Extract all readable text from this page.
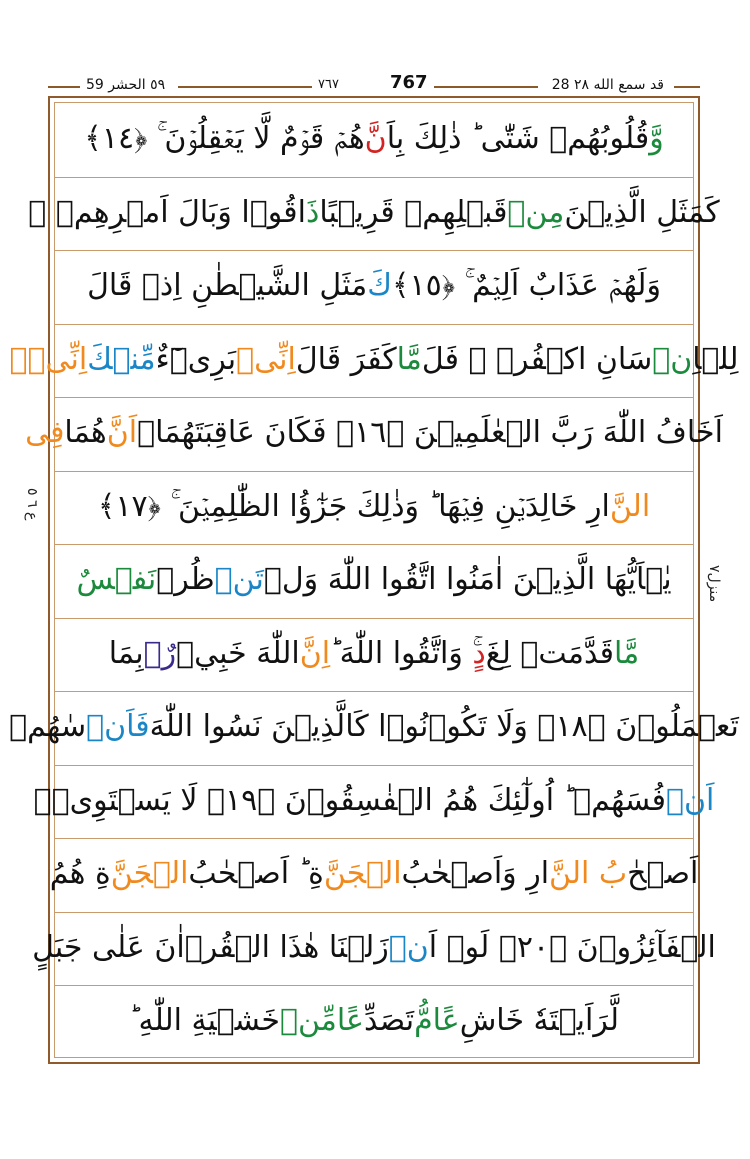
٥٩ الحشر 59	٧٦٧	767	28 قد سمع الله ٢٨
ع ٦ ٥
منزل٧
وَّ
قُلُوبُهُمۡ شَتّٰى ؕ ذٰلِكَ بِاَ
نَّ
هُمۡ قَوۡمٌ لَّا يَعۡقِلُوۡنَ ۚ ﴿١٤﴾
كَمَثَلِ الَّذِيۡنَ
مِنۡ
قَبۡلِهِمۡ قَرِيۡبًا
ذَ
اقُوۡا وَبَالَ اَمۡرِهِمۡ ۚ
وَلَهُمۡ عَذَابٌ اَلِيۡمٌ ۚ ﴿١٥﴾
كَ
مَثَلِ الشَّيۡطٰنِ اِذۡ قَالَ
لِلۡاِ
نۡ
سَانِ اكۡفُرۡ ۚ فَلَ
مَّا
كَفَرَ قَالَ
اِنِّىۡ
بَرِىۡٓءٌ
مِّنۡكَ
اِنِّىۡۤ
اَخَافُ اللّٰهَ رَبَّ الۡعٰلَمِيۡنَ ﴿١٦﴾ فَكَانَ عَاقِبَتَهُمَاۤ
اَنَّ
هُمَا
فِى
النَّ
ارِ خَالِدَيۡنِ فِيۡهَا ؕ وَذٰلِكَ جَزٰٓؤُا الظّٰلِمِيۡنَ ۚ ﴿١٧﴾
يٰۤاَيُّهَا الَّذِيۡنَ اٰمَنُوا اتَّقُوا اللّٰهَ وَلۡ
تَنۡ
ظُرۡ
نَفۡسٌ
مَّا
قَدَّمَتۡ لِغَ
دٍ
ۚ وَاتَّقُوا اللّٰهَ ؕ
اِنَّ
اللّٰهَ خَبِيۡ
رٌۢ
بِمَا
تَعۡمَلُوۡنَ ﴿١٨﴾ وَلَا تَكُوۡنُوۡا كَالَّذِيۡنَ نَسُوا اللّٰهَ
فَاَنۡ
سٰهُمۡ
اَنۡ
فُسَهُمۡ ؕ اُولٰٓئِكَ هُمُ الۡفٰسِقُوۡنَ ﴿١٩﴾ لَا يَسۡتَوِىۡۤ
اَصۡحٰ
بُ النَّ
ارِ وَاَصۡحٰبُ
الۡجَنَّ
ةِ ؕ اَصۡحٰبُ
الۡجَنَّ
ةِ هُمُ
الۡفَآئِزُوۡنَ ﴿٢٠﴾ لَوۡ اَ
نۡ
زَلۡنَا هٰذَا الۡقُرۡاٰنَ عَلٰى جَبَلٍ
لَّرَاَيۡتَهٗ خَاشِ
عًا
مُّ
تَصَدِّ
عًا
مِّنۡ
خَشۡيَةِ اللّٰهِ ؕ
